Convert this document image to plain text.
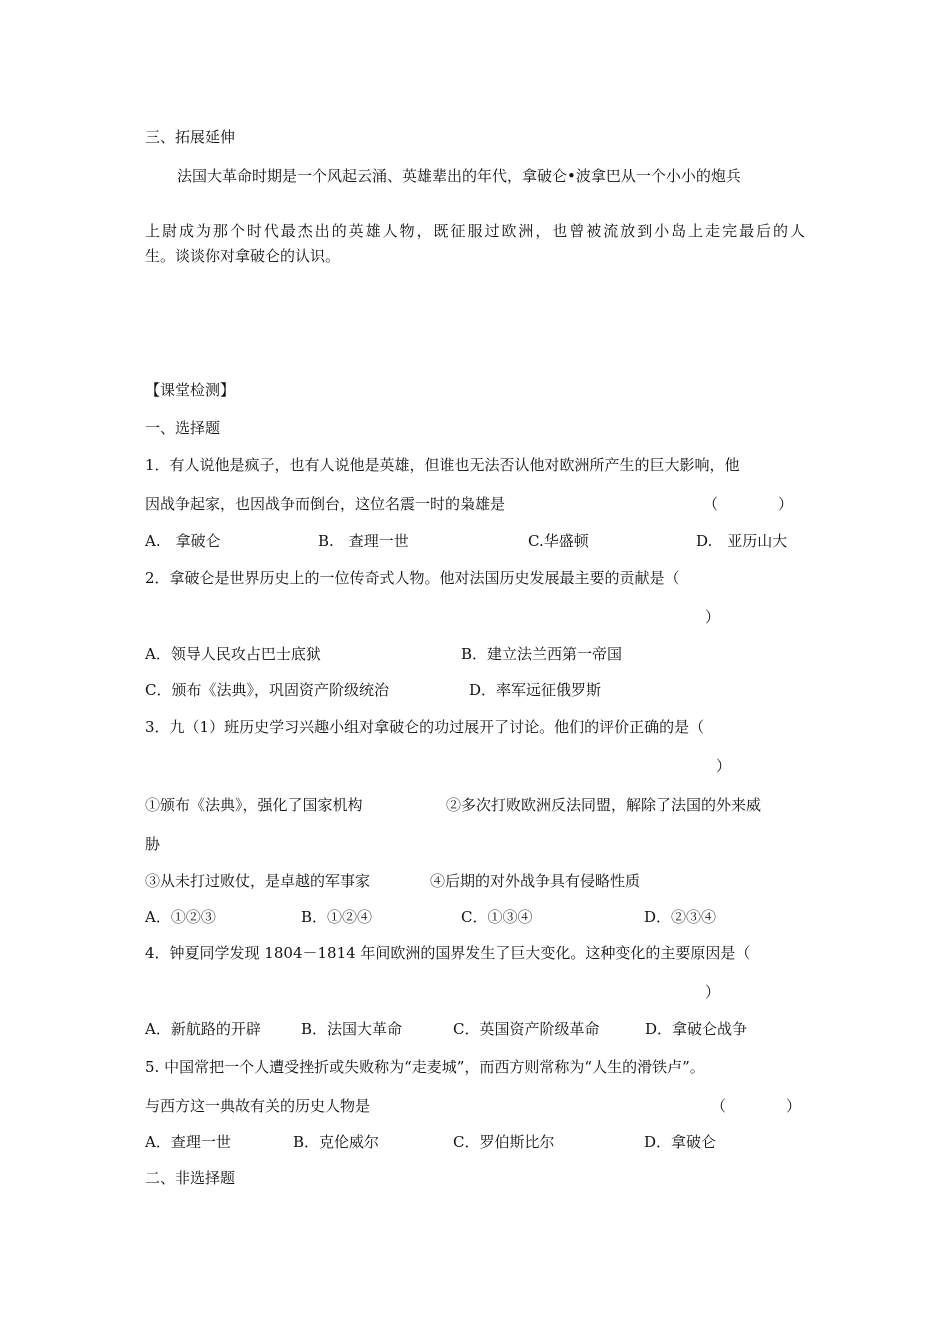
三、拓展延伸

法国大革命时期是一个风起云涌、英雄辈出的年代，拿破仑•波拿巴从一个小小的炮兵

上尉成为那个时代最杰出的英雄人物，既征服过欧洲，也曾被流放到小岛上走完最后的人

生。谈谈你对拿破仑的认识。

【课堂检测】

一、选择题

1．有人说他是疯子，也有人说他是英雄，但谁也无法否认他对欧洲所产生的巨大影响，他

因战争起家，也因战争而倒台，这位名震一时的枭雄是	（　　　　）
A.　拿破仑	B.　查理一世	C.华盛顿	D.　亚历山大

2．拿破仑是世界历史上的一位传奇式人物。他对法国历史发展最主要的贡献是（

）
A．领导人民攻占巴士底狱	B．建立法兰西第一帝国
C．颁布《法典》，巩固资产阶级统治	D．率军远征俄罗斯

3．九（1）班历史学习兴趣小组对拿破仑的功过展开了讨论。他们的评价正确的是（

）
①颁布《法典》，强化了国家机构	②多次打败欧洲反法同盟，解除了法国的外来威

胁

③从未打过败仗，是卓越的军事家	④后期的对外战争具有侵略性质
A．①②③	B．①②④	C．①③④	D．②③④

4．钟夏同学发现 1804－1814 年间欧洲的国界发生了巨大变化。这种变化的主要原因是（

）
A．新航路的开辟	B．法国大革命	C．英国资产阶级革命	D．拿破仑战争

5. 中国常把一个人遭受挫折或失败称为“走麦城”，而西方则常称为“人生的滑铁卢”。

与西方这一典故有关的历史人物是	（　　　　）
A．查理一世	B．克伦威尔	C．罗伯斯比尔	D．拿破仑

二、非选择题
